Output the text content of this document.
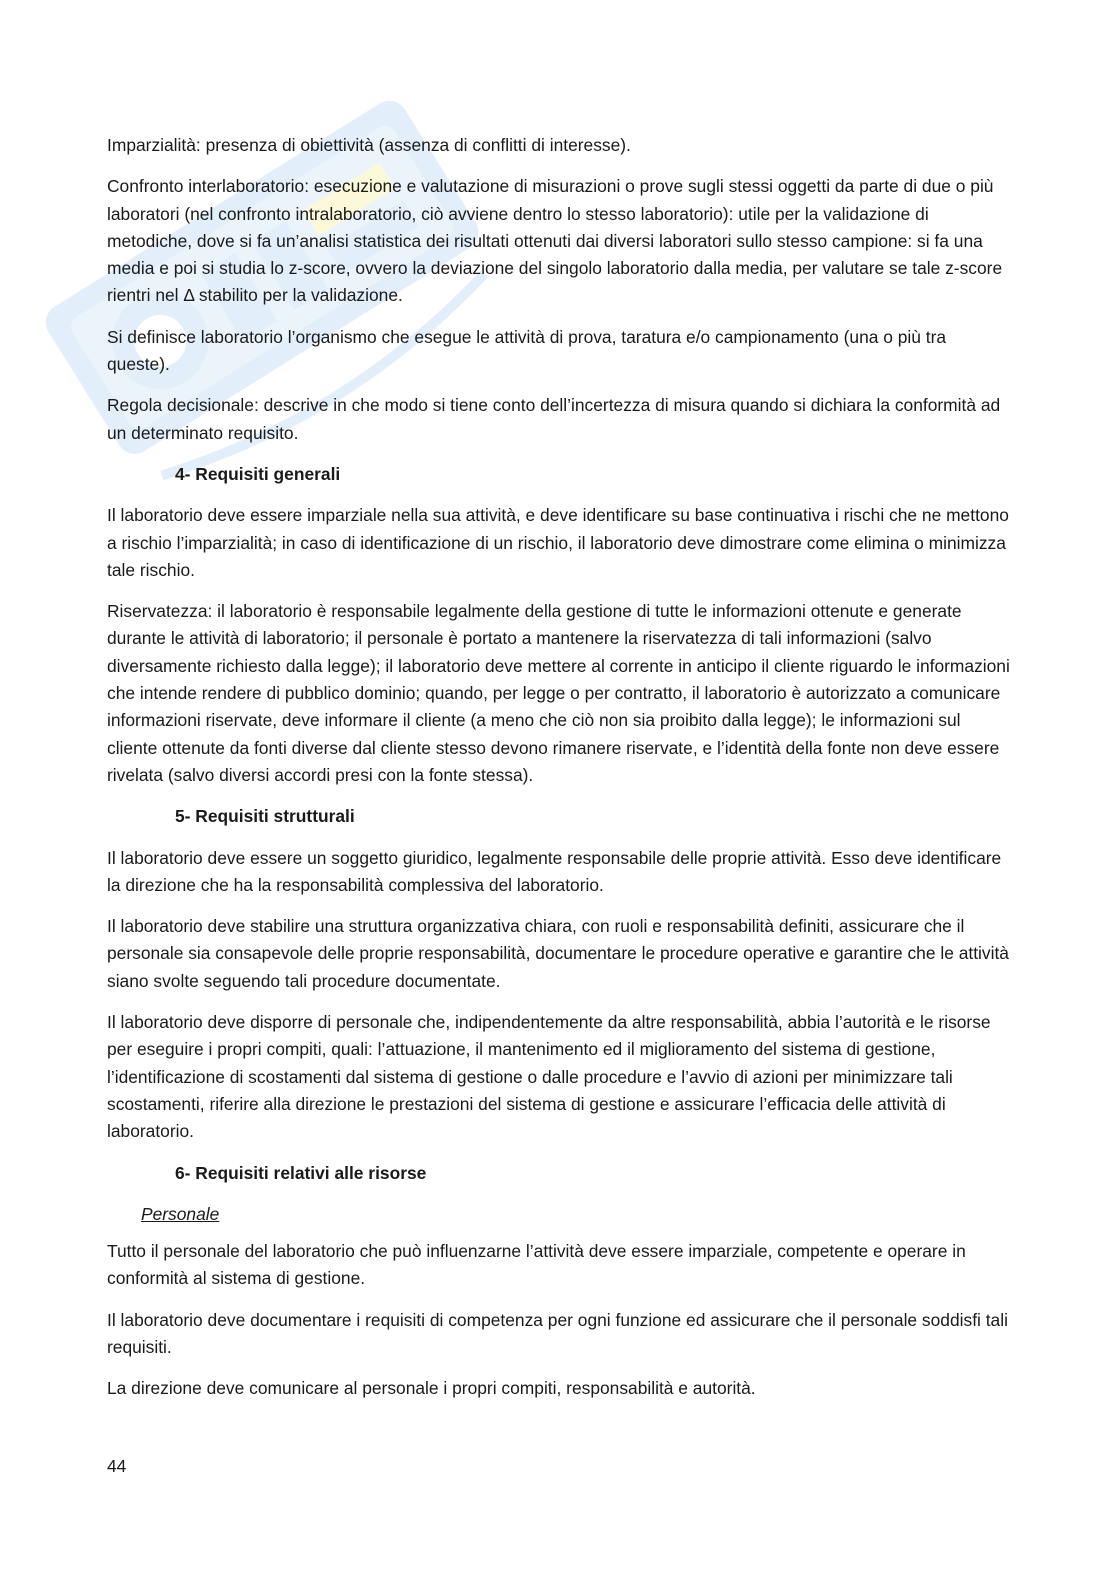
Imparzialità: presenza di obiettività (assenza di conflitti di interesse).

Confronto interlaboratorio: esecuzione e valutazione di misurazioni o prove sugli stessi oggetti da parte di due o più laboratori (nel confronto intralaboratorio, ciò avviene dentro lo stesso laboratorio): utile per la validazione di metodiche, dove si fa un’analisi statistica dei risultati ottenuti dai diversi laboratori sullo stesso campione: si fa una media e poi si studia lo z-score, ovvero la deviazione del singolo laboratorio dalla media, per valutare se tale z-score rientri nel Δ stabilito per la validazione.

Si definisce laboratorio l’organismo che esegue le attività di prova, taratura e/o campionamento (una o più tra queste).

Regola decisionale: descrive in che modo si tiene conto dell’incertezza di misura quando si dichiara la conformità ad un determinato requisito.

4- Requisiti generali

Il laboratorio deve essere imparziale nella sua attività, e deve identificare su base continuativa i rischi che ne mettono a rischio l’imparzialità; in caso di identificazione di un rischio, il laboratorio deve dimostrare come elimina o minimizza tale rischio.

Riservatezza: il laboratorio è responsabile legalmente della gestione di tutte le informazioni ottenute e generate durante le attività di laboratorio; il personale è portato a mantenere la riservatezza di tali informazioni (salvo diversamente richiesto dalla legge); il laboratorio deve mettere al corrente in anticipo il cliente riguardo le informazioni che intende rendere di pubblico dominio; quando, per legge o per contratto, il laboratorio è autorizzato a comunicare informazioni riservate, deve informare il cliente (a meno che ciò non sia proibito dalla legge); le informazioni sul cliente ottenute da fonti diverse dal cliente stesso devono rimanere riservate, e l’identità della fonte non deve essere rivelata (salvo diversi accordi presi con la fonte stessa).

5- Requisiti strutturali

Il laboratorio deve essere un soggetto giuridico, legalmente responsabile delle proprie attività. Esso deve identificare la direzione che ha la responsabilità complessiva del laboratorio.

Il laboratorio deve stabilire una struttura organizzativa chiara, con ruoli e responsabilità definiti, assicurare che il personale sia consapevole delle proprie responsabilità, documentare le procedure operative e garantire che le attività siano svolte seguendo tali procedure documentate.

Il laboratorio deve disporre di personale che, indipendentemente da altre responsabilità, abbia l’autorità e le risorse per eseguire i propri compiti, quali: l’attuazione, il mantenimento ed il miglioramento del sistema di gestione, l’identificazione di scostamenti dal sistema di gestione o dalle procedure e l’avvio di azioni per minimizzare tali scostamenti, riferire alla direzione le prestazioni del sistema di gestione e assicurare l’efficacia delle attività di laboratorio.

6- Requisiti relativi alle risorse
Personale

Tutto il personale del laboratorio che può influenzarne l’attività deve essere imparziale, competente e operare in conformità al sistema di gestione.

Il laboratorio deve documentare i requisiti di competenza per ogni funzione ed assicurare che il personale soddisfi tali requisiti.

La direzione deve comunicare al personale i propri compiti, responsabilità e autorità.

44
